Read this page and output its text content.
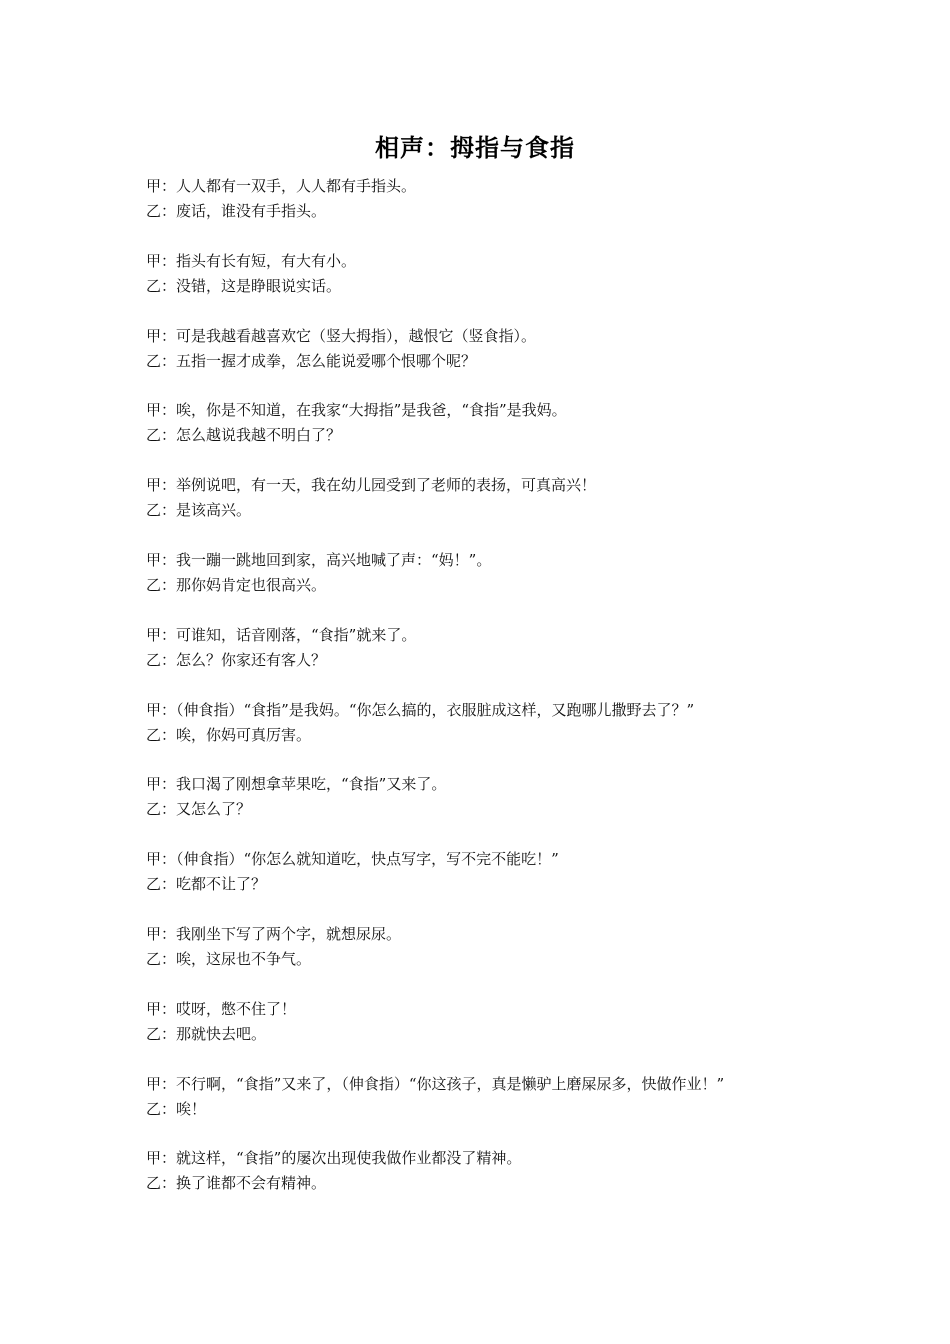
相声：拇指与食指
甲：人人都有一双手，人人都有手指头。
乙：废话，谁没有手指头。
甲：指头有长有短，有大有小。
乙：没错，这是睁眼说实话。
甲：可是我越看越喜欢它（竖大拇指），越恨它（竖食指）。
乙：五指一握才成拳，怎么能说爱哪个恨哪个呢？
甲：唉，你是不知道，在我家“大拇指”是我爸，“食指”是我妈。
乙：怎么越说我越不明白了？
甲：举例说吧，有一天，我在幼儿园受到了老师的表扬，可真高兴！
乙：是该高兴。
甲：我一蹦一跳地回到家，高兴地喊了声：“妈！”。
乙：那你妈肯定也很高兴。
甲：可谁知，话音刚落，“食指”就来了。
乙：怎么？你家还有客人？
甲：（伸食指）“食指”是我妈。“你怎么搞的，衣服脏成这样，又跑哪儿撒野去了？”
乙：唉，你妈可真厉害。
甲：我口渴了刚想拿苹果吃，“食指”又来了。
乙：又怎么了？
甲：（伸食指）“你怎么就知道吃，快点写字，写不完不能吃！”
乙：吃都不让了？
甲：我刚坐下写了两个字，就想尿尿。
乙：唉，这尿也不争气。
甲：哎呀，憋不住了！
乙：那就快去吧。
甲：不行啊，“食指”又来了，（伸食指）“你这孩子，真是懒驴上磨屎尿多，快做作业！”
乙：唉！
甲：就这样，“食指”的屡次出现使我做作业都没了精神。
乙：换了谁都不会有精神。
